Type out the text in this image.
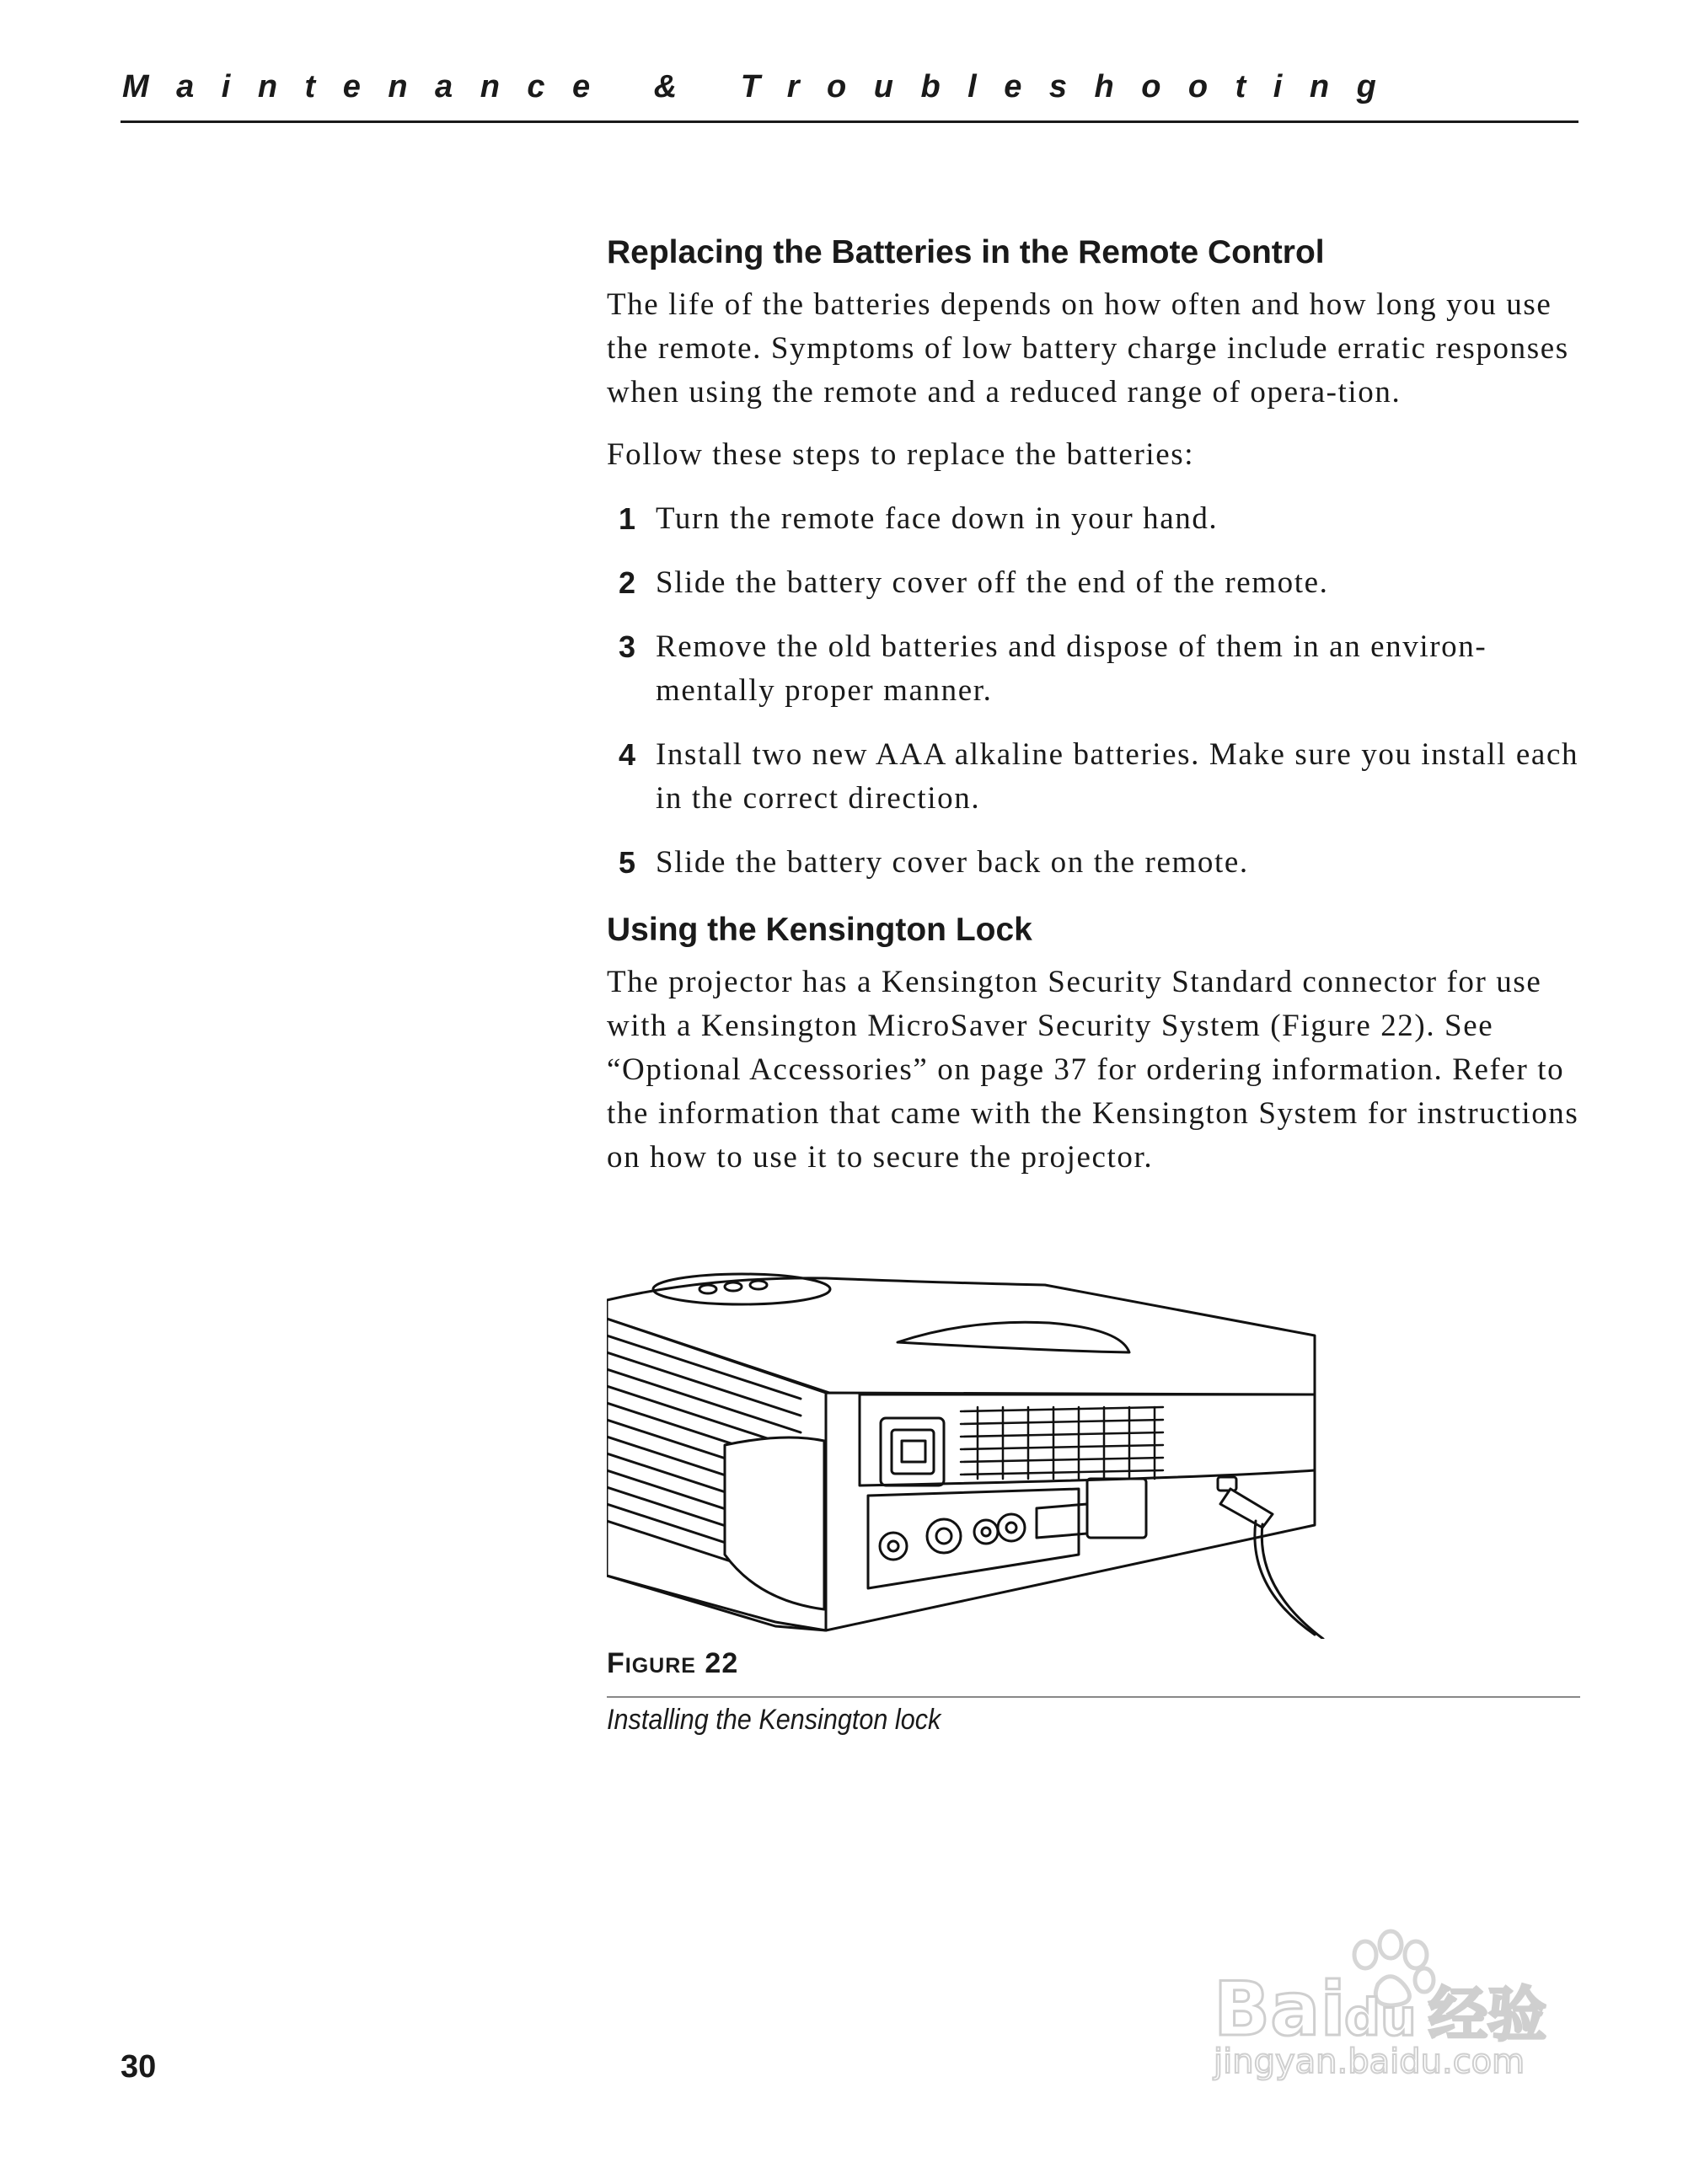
Maintenance & Troubleshooting
Replacing the Batteries in the Remote Control

The life of the batteries depends on how often and how long you use the remote. Symptoms of low battery charge include erratic responses when using the remote and a reduced range of opera-tion.

Follow these steps to replace the batteries:

1 Turn the remote face down in your hand.
2 Slide the battery cover off the end of the remote.
3 Remove the old batteries and dispose of them in an environ-mentally proper manner.
4 Install two new AAA alkaline batteries. Make sure you install each in the correct direction.
5 Slide the battery cover back on the remote.
Using the Kensington Lock

The projector has a Kensington Security Standard connector for use with a Kensington MicroSaver Security System (Figure 22). See “Optional Accessories” on page 37 for ordering information. Refer to the information that came with the Kensington System for instructions on how to use it to secure the projector.

FIGURE 22
Installing the Kensington lock
30
Bai
du 经验
jingyan.baidu.com
